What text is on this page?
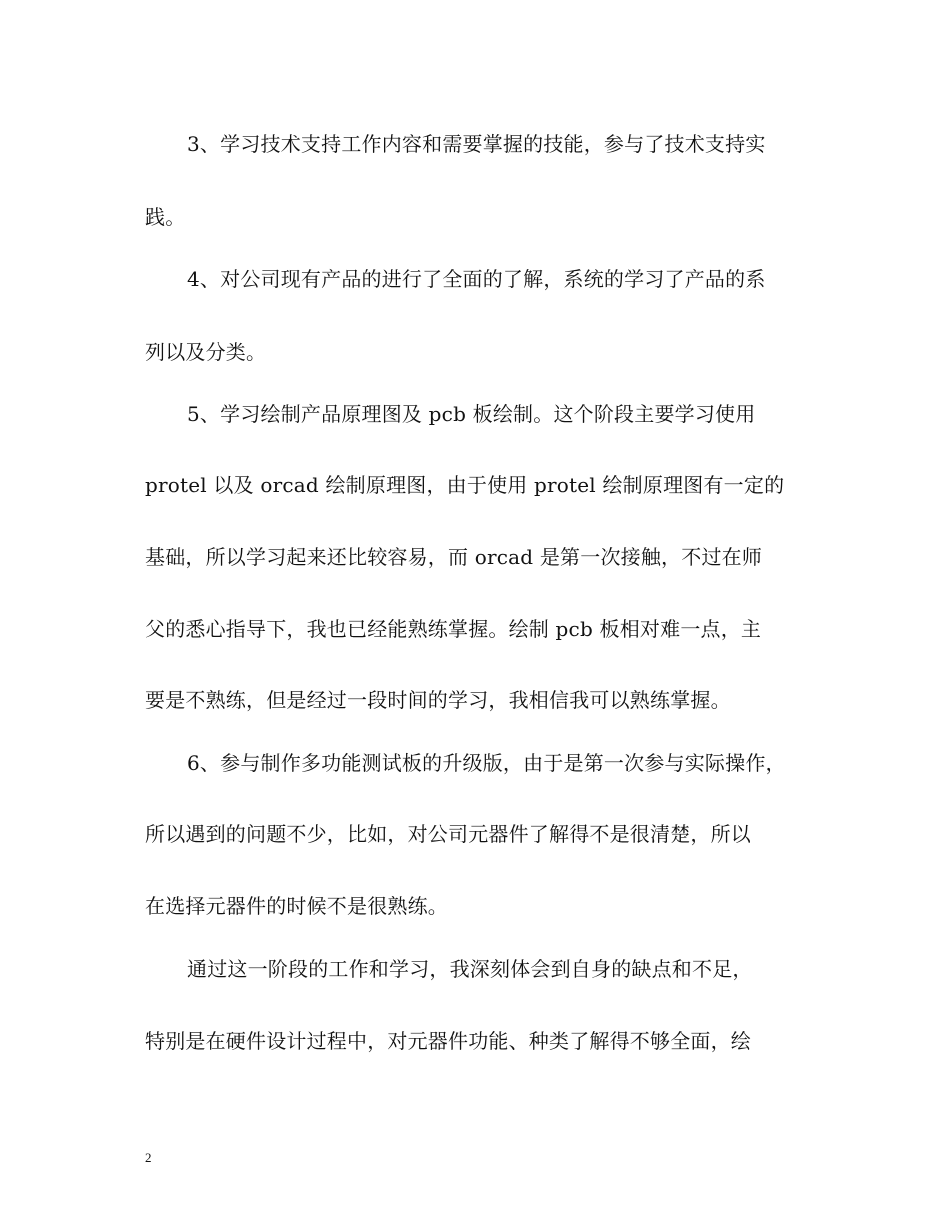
3、学习技术支持工作内容和需要掌握的技能，参与了技术支持实
践。
4、对公司现有产品的进行了全面的了解，系统的学习了产品的系
列以及分类。
5、学习绘制产品原理图及 pcb 板绘制。这个阶段主要学习使用
protel 以及 orcad 绘制原理图，由于使用 protel 绘制原理图有一定的
基础，所以学习起来还比较容易，而 orcad 是第一次接触，不过在师
父的悉心指导下，我也已经能熟练掌握。绘制 pcb 板相对难一点，主
要是不熟练，但是经过一段时间的学习，我相信我可以熟练掌握。
6、参与制作多功能测试板的升级版，由于是第一次参与实际操作，
所以遇到的问题不少，比如，对公司元器件了解得不是很清楚，所以
在选择元器件的时候不是很熟练。
通过这一阶段的工作和学习，我深刻体会到自身的缺点和不足，
特别是在硬件设计过程中，对元器件功能、种类了解得不够全面，绘
2
